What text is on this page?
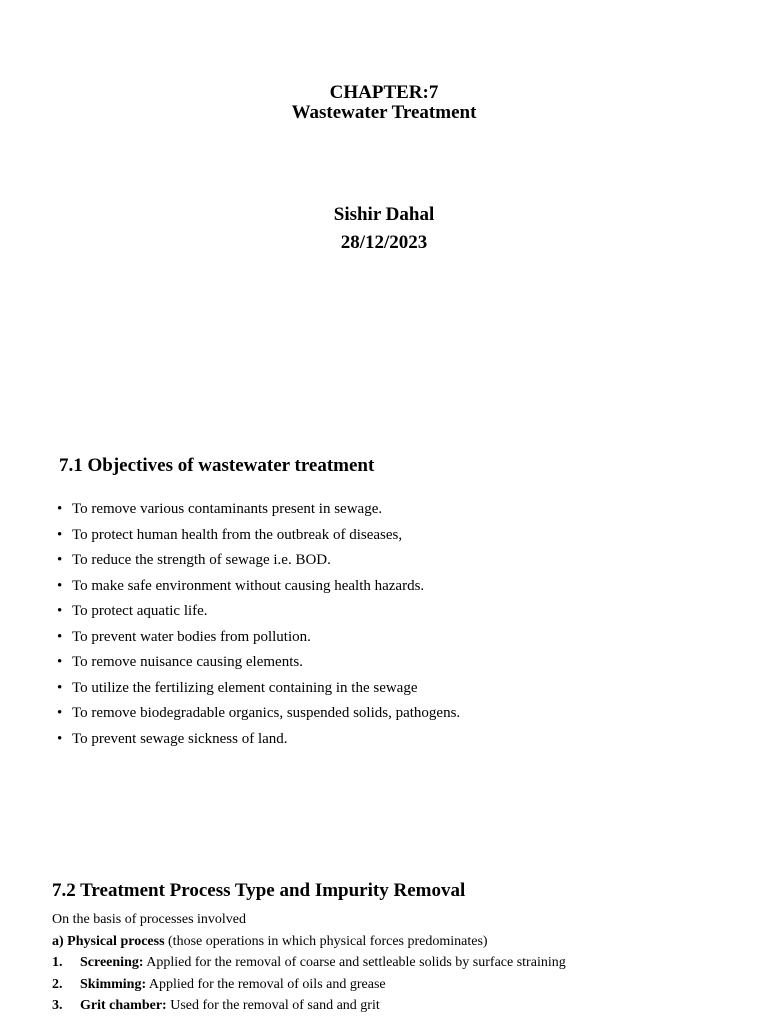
CHAPTER:7
Wastewater Treatment
Sishir Dahal
28/12/2023
7.1 Objectives of wastewater treatment
• To remove various contaminants present in sewage.
• To protect human health from the outbreak of diseases,
• To reduce the strength of sewage i.e. BOD.
• To make safe environment without causing health hazards.
• To protect aquatic life.
• To prevent water bodies from pollution.
• To remove nuisance causing elements.
• To utilize the fertilizing element containing in the sewage
• To remove biodegradable organics, suspended solids, pathogens.
• To prevent sewage sickness of land.
7.2 Treatment Process Type and Impurity Removal
On the basis of processes involved
a) Physical process (those operations in which physical forces predominates)
1. Screening: Applied for the removal of coarse and settleable solids by surface straining
2. Skimming: Applied for the removal of oils and grease
3. Grit chamber: Used for the removal of sand and grit
